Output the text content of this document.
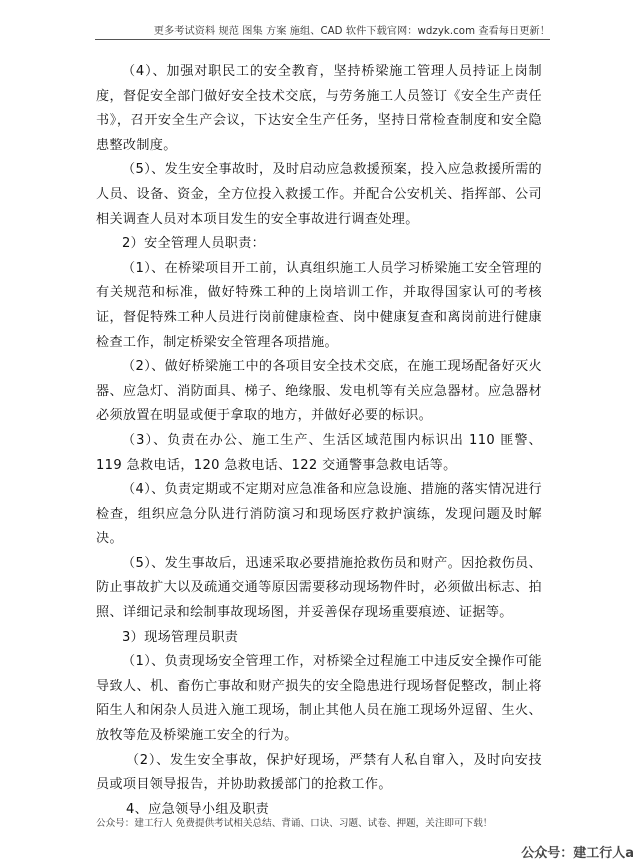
更多考试资料 规范 图集 方案 施组、CAD 软件下载官网：wdzyk.com 查看每日更新！

（4）、加强对职民工的安全教育，坚持桥梁施工管理人员持证上岗制度，督促安全部门做好安全技术交底，与劳务施工人员签订《安全生产责任书》，召开安全生产会议，下达安全生产任务，坚持日常检查制度和安全隐患整改制度。

（5）、发生安全事故时，及时启动应急救援预案，投入应急救援所需的人员、设备、资金，全方位投入救援工作。并配合公安机关、指挥部、公司相关调查人员对本项目发生的安全事故进行调查处理。

2）安全管理人员职责：

（1）、在桥梁项目开工前，认真组织施工人员学习桥梁施工安全管理的有关规范和标准，做好特殊工种的上岗培训工作，并取得国家认可的考核证，督促特殊工种人员进行岗前健康检查、岗中健康复查和离岗前进行健康检查工作，制定桥梁安全管理各项措施。

（2）、做好桥梁施工中的各项目安全技术交底，在施工现场配备好灭火器、应急灯、消防面具、梯子、绝缘服、发电机等有关应急器材。应急器材必须放置在明显或便于拿取的地方，并做好必要的标识。

（3）、负责在办公、施工生产、生活区域范围内标识出 110 匪警、119 急救电话，120 急救电话、122 交通警事急救电话等。

（4）、负责定期或不定期对应急准备和应急设施、措施的落实情况进行检查，组织应急分队进行消防演习和现场医疗救护演练，发现问题及时解决。

（5）、发生事故后，迅速采取必要措施抢救伤员和财产。因抢救伤员、防止事故扩大以及疏通交通等原因需要移动现场物件时，必须做出标志、拍照、详细记录和绘制事故现场图，并妥善保存现场重要痕迹、证据等。

3）现场管理员职责

（1）、负责现场安全管理工作，对桥梁全过程施工中违反安全操作可能导致人、机、畜伤亡事故和财产损失的安全隐患进行现场督促整改，制止将陌生人和闲杂人员进入施工现场，制止其他人员在施工现场外逗留、生火、放牧等危及桥梁施工安全的行为。

（2）、发生安全事故，保护好现场，严禁有人私自窜入，及时向安技员或项目领导报告，并协助救援部门的抢救工作。

4、应急领导小组及职责

公众号：建工行人 免费提供考试相关总结、背诵、口诀、习题、试卷、押题，关注即可下载！
公众号：建工行人a
